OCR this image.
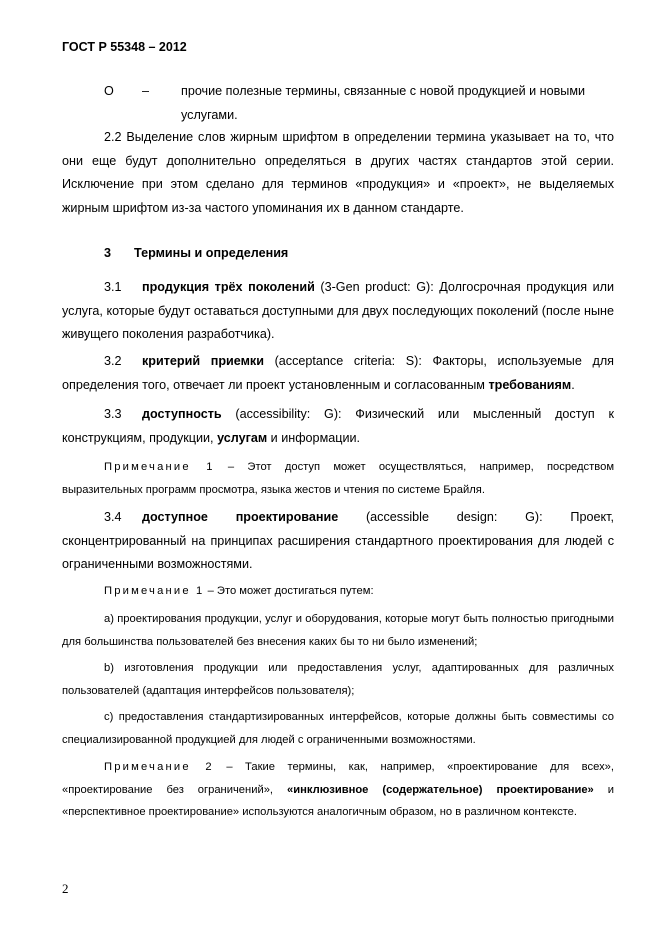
ГОСТ Р 55348 – 2012
O –	прочие полезные термины, связанные с новой продукцией и новыми
услугами.
2.2 Выделение слов жирным шрифтом в определении термина указывает на то, что они еще будут дополнительно определяться в других частях стандартов этой серии. Исключение при этом сделано для терминов «продукция» и «проект», не выделяемых жирным шрифтом из-за частого упоминания их в данном стандарте.
3 Термины и определения
3.1 продукция трёх поколений (3-Gen product: G): Долгосрочная продукция или услуга, которые будут оставаться доступными для двух последующих поколений (после ныне живущего поколения разработчика).
3.2 критерий приемки (acceptance criteria: S): Факторы, используемые для определения того, отвечает ли проект установленным и согласованным требованиям.
3.3 доступность (accessibility: G): Физический или мысленный доступ к конструкциям, продукции, услугам и информации.
Примечание 1 – Этот доступ может осуществляться, например, посредством выразительных программ просмотра, языка жестов и чтения по системе Брайля.
3.4 доступное проектирование (accessible design: G): Проект, сконцентрированный на принципах расширения стандартного проектирования для людей с ограниченными возможностями.
Примечание 1 – Это может достигаться путем:
а) проектирования продукции, услуг и оборудования, которые могут быть полностью пригодными для большинства пользователей без внесения каких бы то ни было изменений;
b) изготовления продукции или предоставления услуг, адаптированных для различных пользователей (адаптация интерфейсов пользователя);
с) предоставления стандартизированных интерфейсов, которые должны быть совместимы со специализированной продукцией для людей с ограниченными возможностями.
Примечание 2 – Такие термины, как, например, «проектирование для всех», «проектирование без ограничений», «инклюзивное (содержательное) проектирование» и «перспективное проектирование» используются аналогичным образом, но в различном контексте.
2
